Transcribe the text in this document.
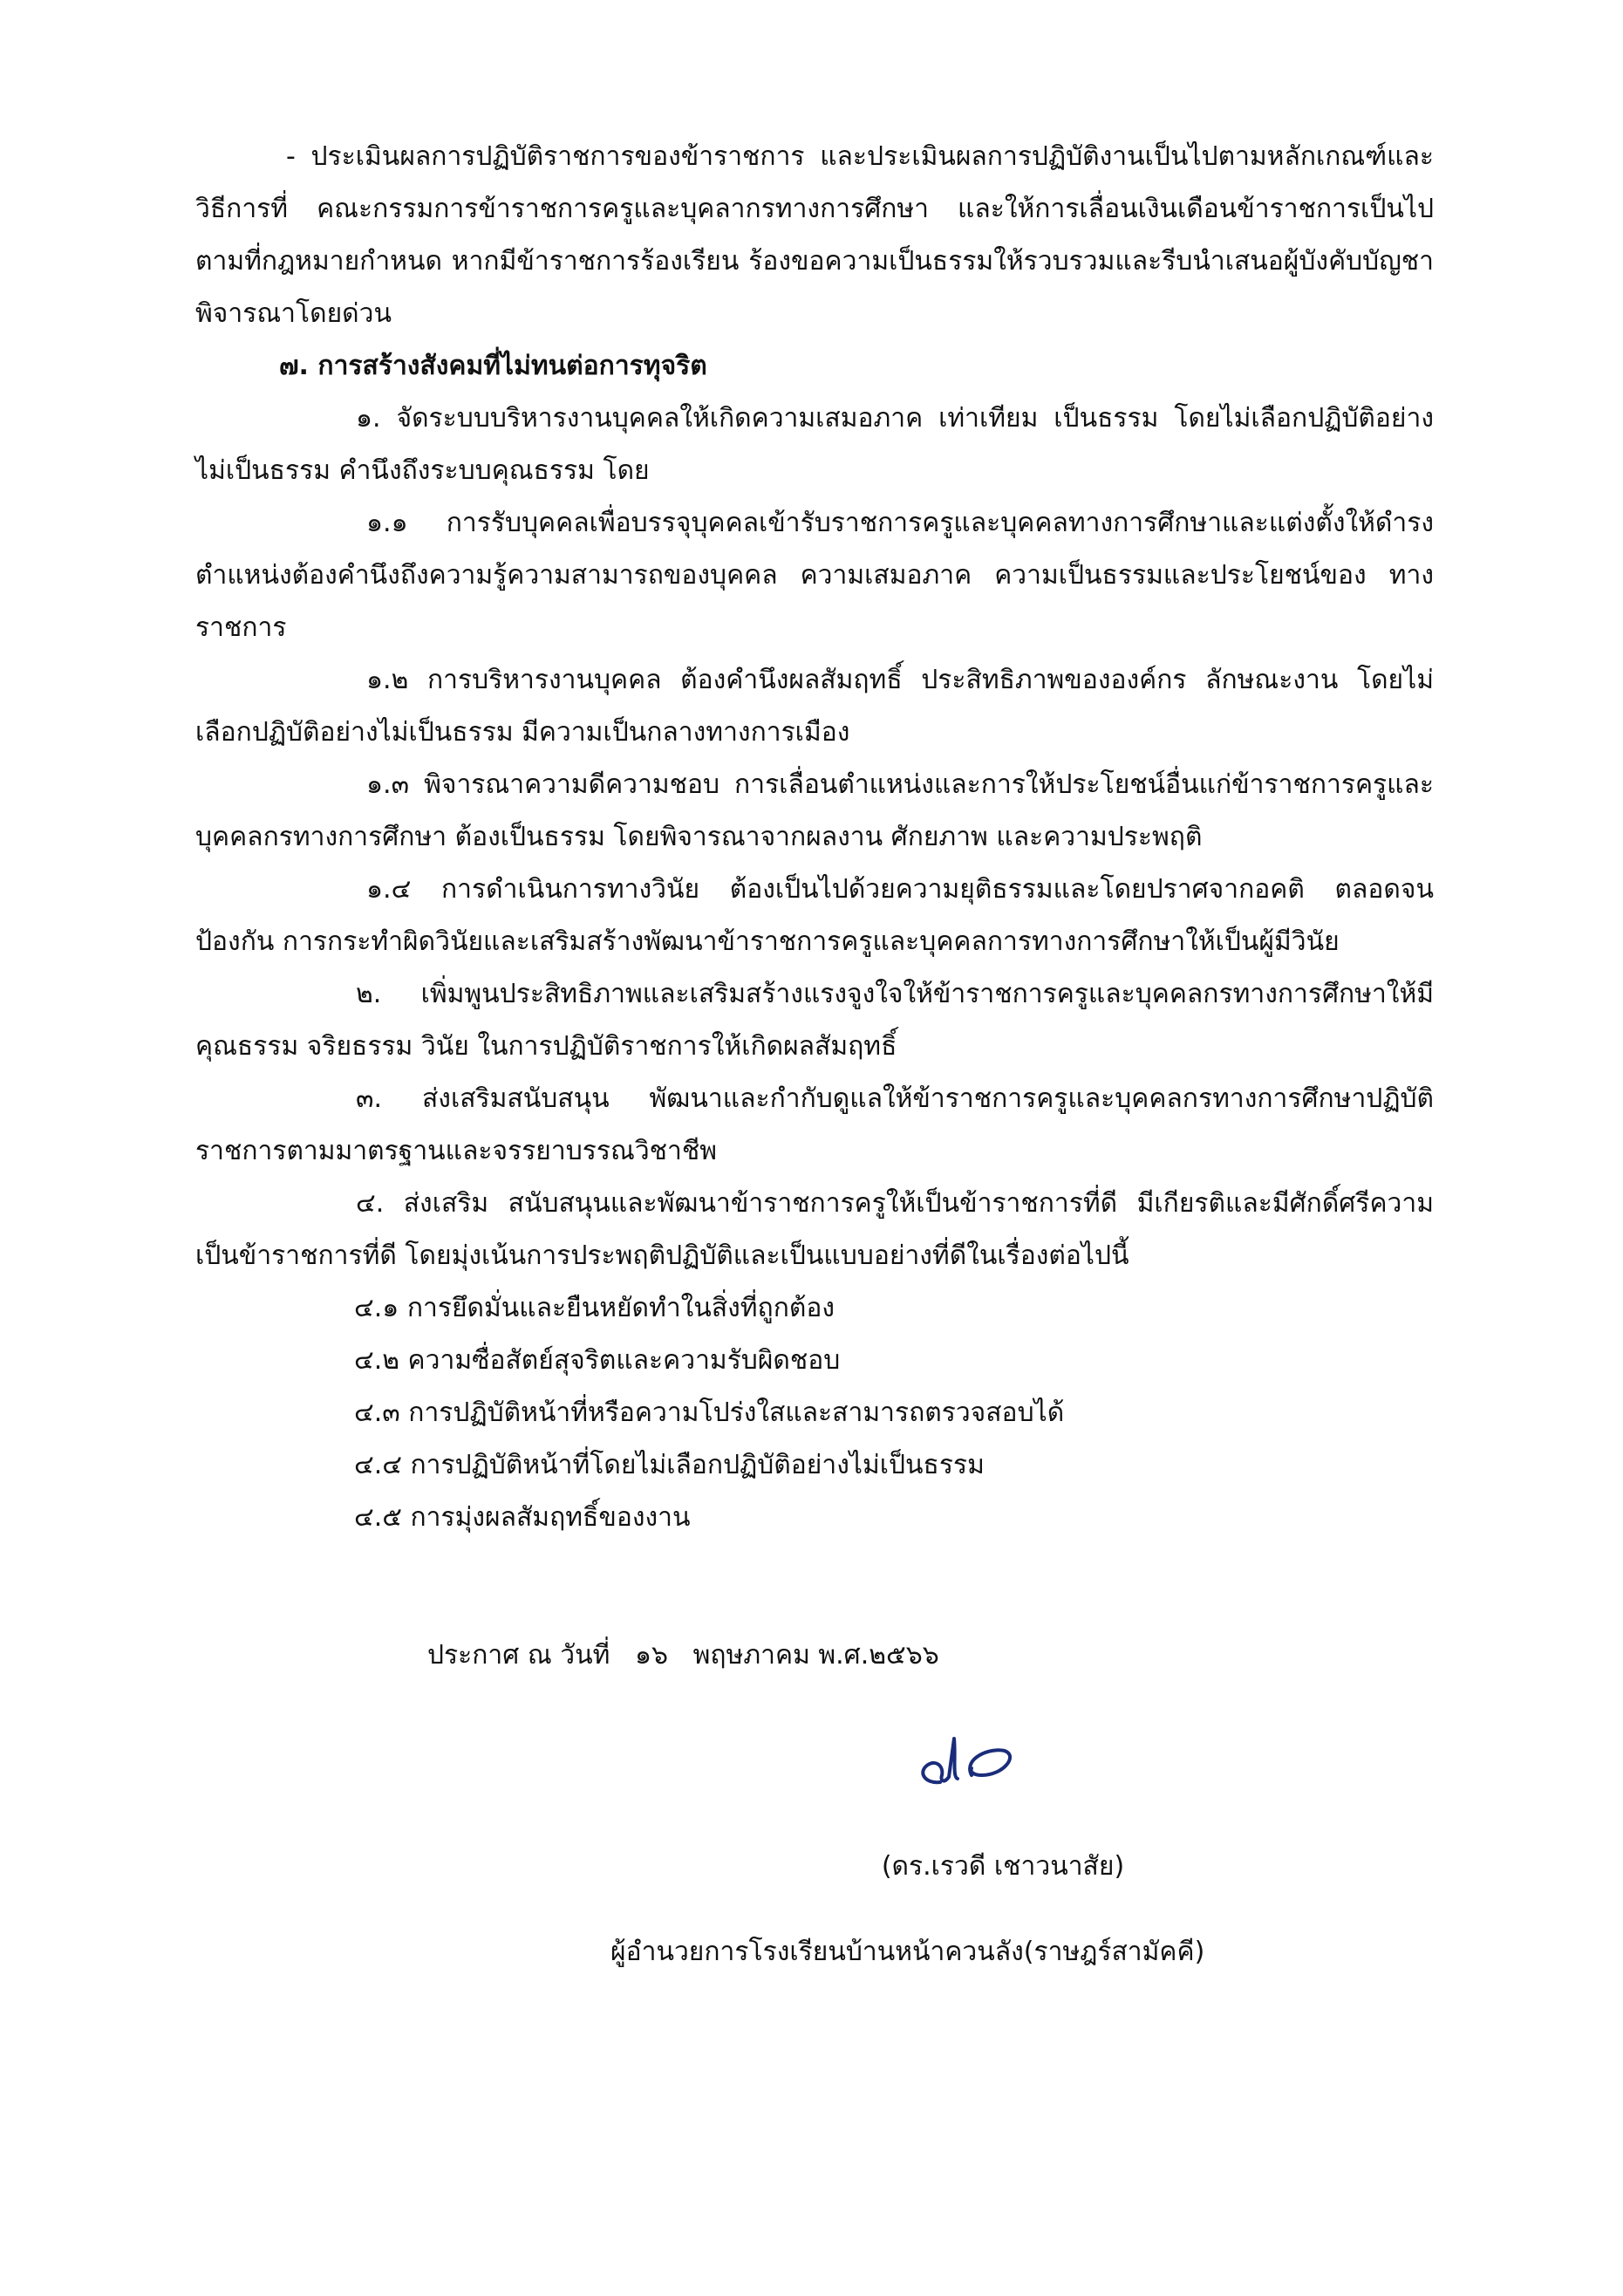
- ประเมินผลการปฏิบัติราชการของข้าราชการ และประเมินผลการปฏิบัติงานเป็นไปตามหลักเกณฑ์และวิธีการที่ คณะกรรมการข้าราชการครูและบุคลากรทางการศึกษา และให้การเลื่อนเงินเดือนข้าราชการเป็นไปตามที่กฎหมายกำหนด หากมีข้าราชการร้องเรียน ร้องขอความเป็นธรรมให้รวบรวมและรีบนำเสนอผู้บังคับบัญชาพิจารณาโดยด่วน

๗. การสร้างสังคมที่ไม่ทนต่อการทุจริต

๑. จัดระบบบริหารงานบุคคลให้เกิดความเสมอภาค เท่าเทียม เป็นธรรม โดยไม่เลือกปฏิบัติอย่างไม่เป็นธรรม คำนึงถึงระบบคุณธรรม โดย

๑.๑ การรับบุคคลเพื่อบรรจุบุคคลเข้ารับราชการครูและบุคคลทางการศึกษาและแต่งตั้งให้ดำรงตำแหน่งต้องคำนึงถึงความรู้ความสามารถของบุคคล ความเสมอภาค ความเป็นธรรมและประโยชน์ของ ทางราชการ

๑.๒ การบริหารงานบุคคล ต้องคำนึงผลสัมฤทธิ์ ประสิทธิภาพขององค์กร ลักษณะงาน โดยไม่เลือกปฏิบัติอย่างไม่เป็นธรรม มีความเป็นกลางทางการเมือง

๑.๓ พิจารณาความดีความชอบ การเลื่อนตำแหน่งและการให้ประโยชน์อื่นแก่ข้าราชการครูและบุคคลกรทางการศึกษา ต้องเป็นธรรม โดยพิจารณาจากผลงาน ศักยภาพ และความประพฤติ

๑.๔ การดำเนินการทางวินัย ต้องเป็นไปด้วยความยุติธรรมและโดยปราศจากอคติ ตลอดจนป้องกัน การกระทำผิดวินัยและเสริมสร้างพัฒนาข้าราชการครูและบุคคลการทางการศึกษาให้เป็นผู้มีวินัย

๒. เพิ่มพูนประสิทธิภาพและเสริมสร้างแรงจูงใจให้ข้าราชการครูและบุคคลกรทางการศึกษาให้มีคุณธรรม จริยธรรม วินัย ในการปฏิบัติราชการให้เกิดผลสัมฤทธิ์

๓. ส่งเสริมสนับสนุน พัฒนาและกำกับดูแลให้ข้าราชการครูและบุคคลกรทางการศึกษาปฏิบัติราชการตามมาตรฐานและจรรยาบรรณวิชาชีพ

๔. ส่งเสริม สนับสนุนและพัฒนาข้าราชการครูให้เป็นข้าราชการที่ดี มีเกียรติและมีศักดิ์ศรีความเป็นข้าราชการที่ดี โดยมุ่งเน้นการประพฤติปฏิบัติและเป็นแบบอย่างที่ดีในเรื่องต่อไปนี้

๔.๑ การยึดมั่นและยืนหยัดทำในสิ่งที่ถูกต้อง

๔.๒ ความซื่อสัตย์สุจริตและความรับผิดชอบ

๔.๓ การปฏิบัติหน้าที่หรือความโปร่งใสและสามารถตรวจสอบได้

๔.๔ การปฏิบัติหน้าที่โดยไม่เลือกปฏิบัติอย่างไม่เป็นธรรม

๔.๕ การมุ่งผลสัมฤทธิ์ของงาน

ประกาศ ณ วันที่   ๑๖   พฤษภาคม พ.ศ.๒๕๖๖
(ดร.เรวดี เชาวนาสัย)
ผู้อำนวยการโรงเรียนบ้านหน้าควนลัง(ราษฎร์สามัคคี)
